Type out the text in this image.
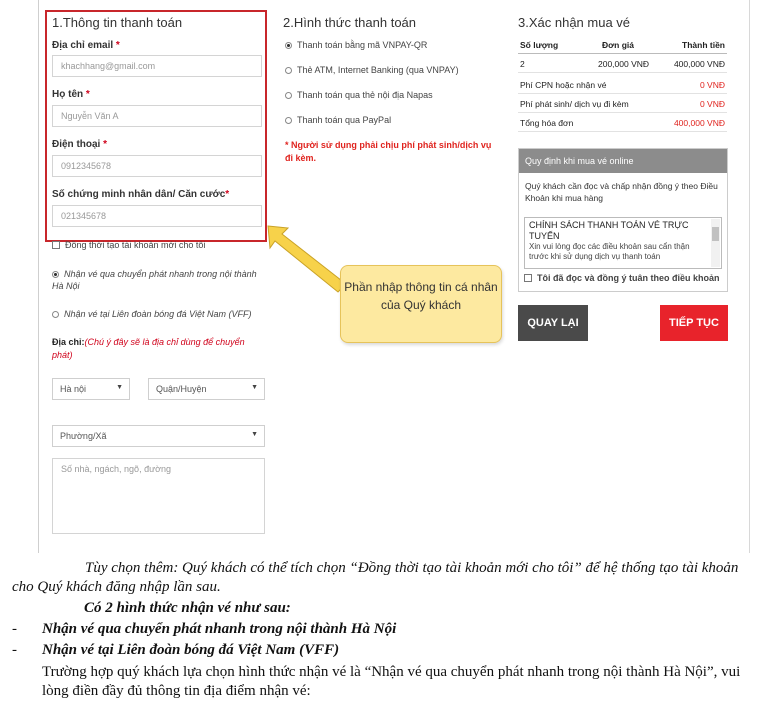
1.Thông tin thanh toán
Địa chỉ email *
khachhang@gmail.com
Họ tên *
Nguyễn Văn A
Điện thoại *
0912345678
Số chứng minh nhân dân/ Căn cước*
021345678
Đồng thời tạo tài khoản mới cho tôi
Nhận vé qua chuyển phát nhanh trong nội thành Hà Nội
Nhận vé tại Liên đoàn bóng đá Việt Nam (VFF)
Địa chỉ:(Chú ý đây sẽ là địa chỉ dùng để chuyển phát)
Hà nội	▼	Quận/Huyện	▼
Phường/Xã	▼
Số nhà, ngách, ngõ, đường
2.Hình thức thanh toán
Thanh toán bằng mã VNPAY-QR
Thẻ ATM, Internet Banking (qua VNPAY)
Thanh toán qua thẻ nội địa Napas
Thanh toán qua PayPal
* Người sử dụng phải chịu phí phát sinh/dịch vụ đi kèm.
Phần nhập thông tin cá nhân của Quý khách
3.Xác nhận mua vé
Số lượng	Đơn giá	Thành tiền
2	200,000 VNĐ	400,000 VNĐ
Phí CPN hoặc nhận vé	0 VNĐ
Phí phát sinh/ dịch vụ đi kèm	0 VNĐ
Tổng hóa đơn	400,000 VNĐ
Quy định khi mua vé online
Quý khách cần đọc và chấp nhận đồng ý theo Điều Khoản khi mua hàng
CHÍNH SÁCH THANH TOÁN VÉ TRỰC TUYẾN
Xin vui lòng đọc các điều khoản sau cẩn thận trước khi sử dụng dịch vụ thanh toán
Tôi đã đọc và đồng ý tuân theo điều khoản
QUAY LẠI	TIẾP TỤC
Tùy chọn thêm: Quý khách có thể tích chọn “Đồng thời tạo tài khoản mới cho tôi” để hệ thống tạo tài khoản cho Quý khách đăng nhập lần sau.
Có 2 hình thức nhận vé như sau:
- Nhận vé qua chuyển phát nhanh trong nội thành Hà Nội
- Nhận vé tại Liên đoàn bóng đá Việt Nam (VFF)
Trường hợp quý khách lựa chọn hình thức nhận vé là “Nhận vé qua chuyển phát nhanh trong nội thành Hà Nội”, vui lòng điền đầy đủ thông tin địa điểm nhận vé:
